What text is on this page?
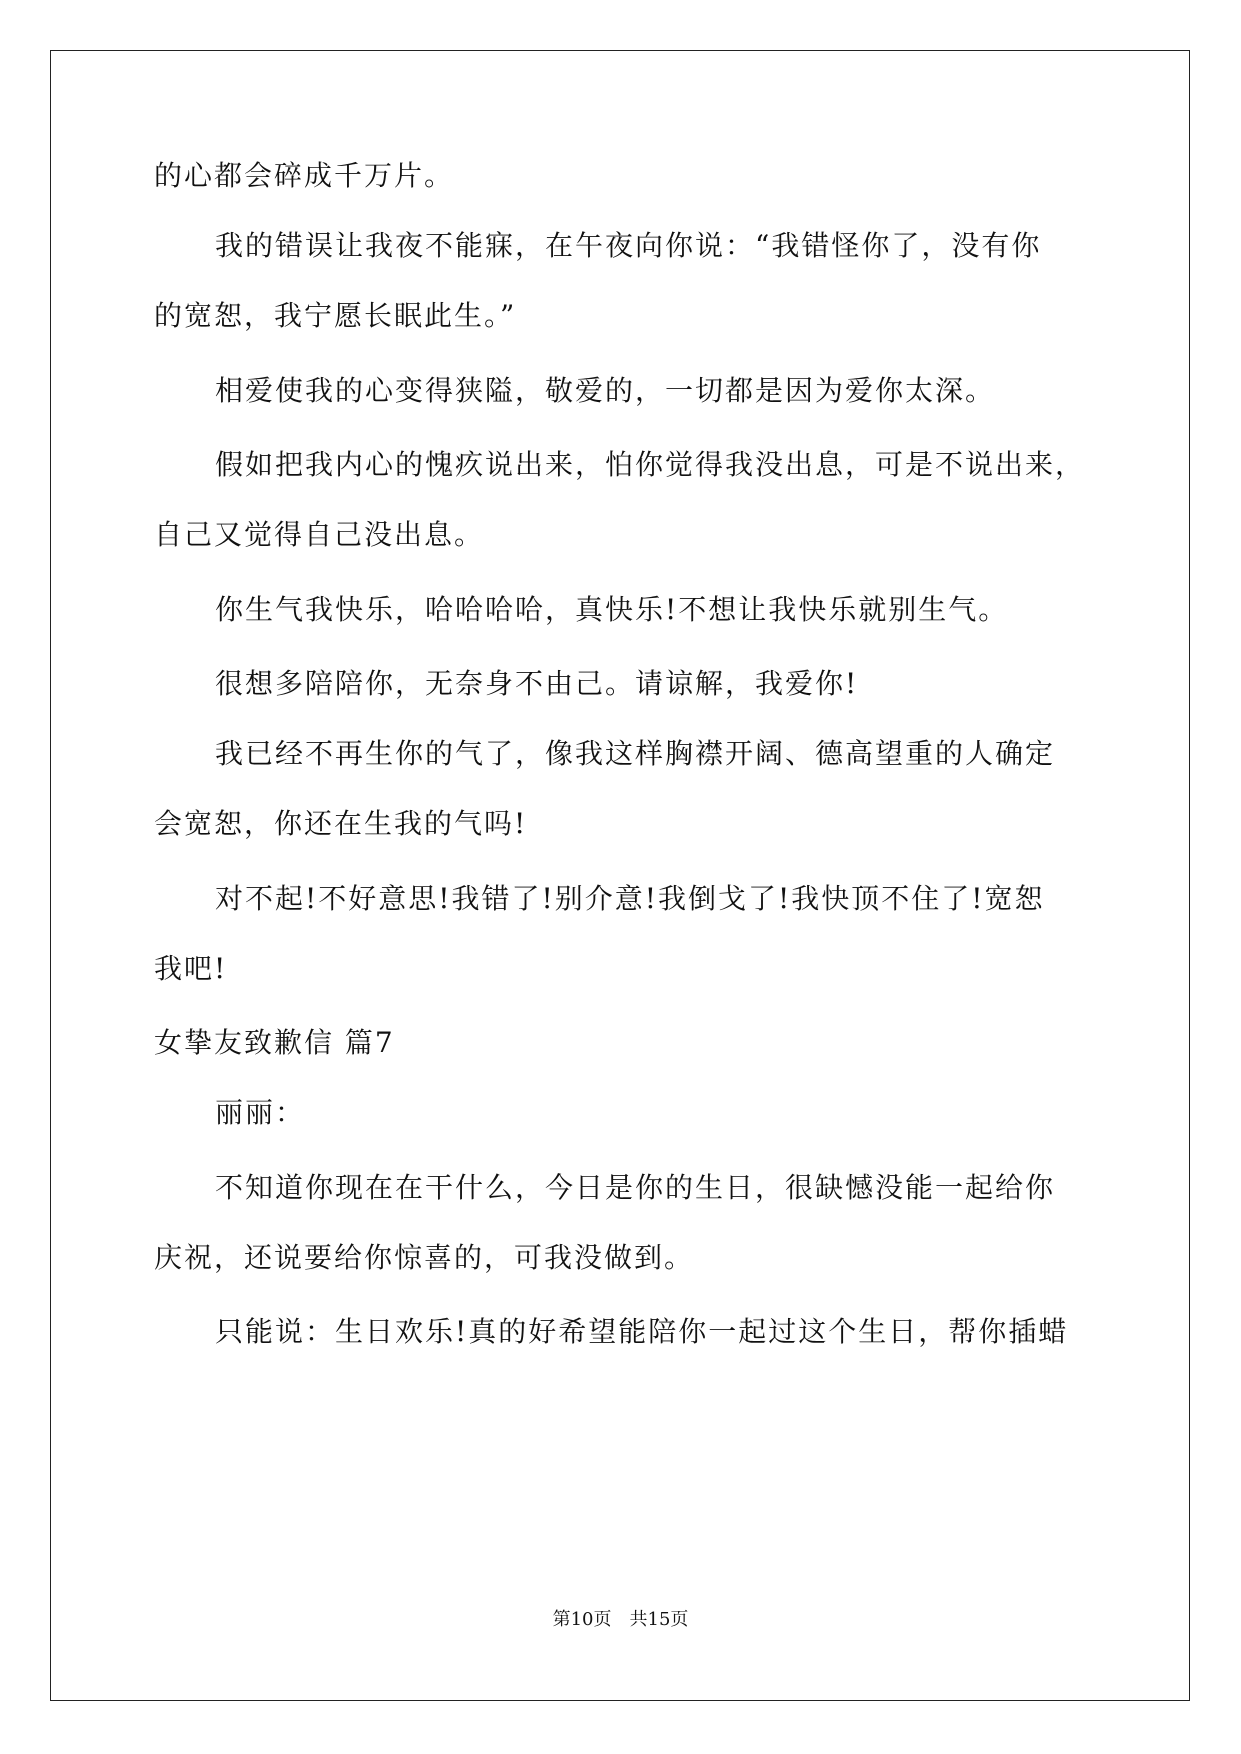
的心都会碎成千万片。
我的错误让我夜不能寐，在午夜向你说：“我错怪你了，没有你
的宽恕，我宁愿长眠此生。”
相爱使我的心变得狭隘，敬爱的，一切都是因为爱你太深。
假如把我内心的愧疚说出来，怕你觉得我没出息，可是不说出来，
自己又觉得自己没出息。
你生气我快乐，哈哈哈哈，真快乐!不想让我快乐就别生气。
很想多陪陪你，无奈身不由己。请谅解，我爱你!
我已经不再生你的气了，像我这样胸襟开阔、德高望重的人确定
会宽恕，你还在生我的气吗!
对不起!不好意思!我错了!别介意!我倒戈了!我快顶不住了!宽恕
我吧!
女挚友致歉信 篇7
丽丽：
不知道你现在在干什么，今日是你的生日，很缺憾没能一起给你
庆祝，还说要给你惊喜的，可我没做到。
只能说：生日欢乐!真的好希望能陪你一起过这个生日，帮你插蜡
第10页 共15页
